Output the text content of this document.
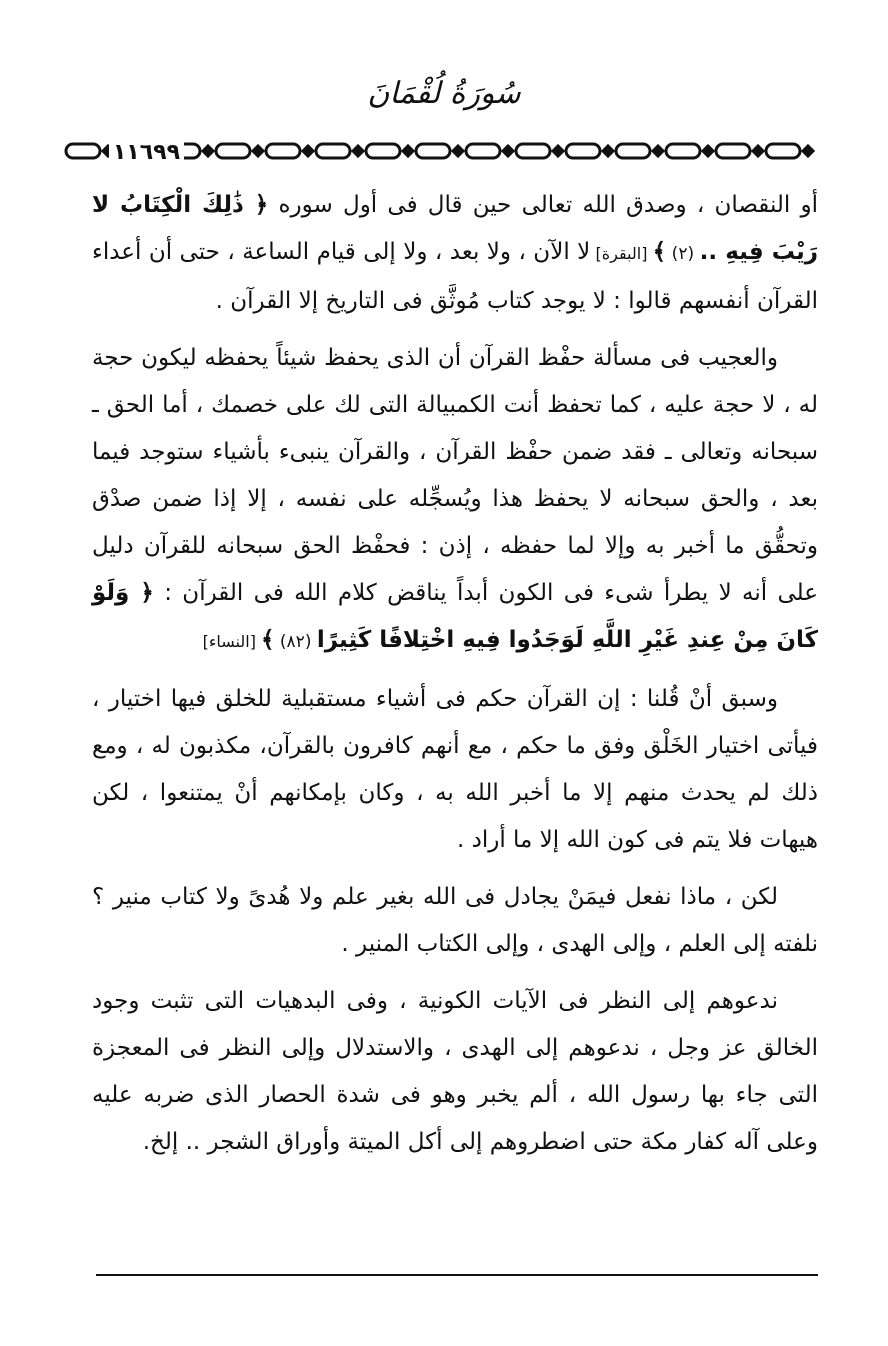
سُورَةُ لُقْمَانَ
١١٦٩٩

أو النقصان ، وصدق الله تعالى حين قال فى أول سوره ﴿ ذَٰلِكَ الْكِتَابُ لا رَيْبَ فِيهِ .. (٢) ﴾ [البقرة] لا الآن ، ولا بعد ، ولا إلى قيام الساعة ، حتى أن أعداء القرآن أنفسهم قالوا : لا يوجد كتاب مُوثَّق فى التاريخ إلا القرآن .

والعجيب فى مسألة حفْظ القرآن أن الذى يحفظ شيئاً يحفظه ليكون حجة له ، لا حجة عليه ، كما تحفظ أنت الكمبيالة التى لك على خصمك ، أما الحق ـ سبحانه وتعالى ـ فقد ضمن حفْظ القرآن ، والقرآن ينبىء بأشياء ستوجد فيما بعد ، والحق سبحانه لا يحفظ هذا ويُسجِّله على نفسه ، إلا إذا ضمن صدْق وتحقُّق ما أخبر به وإلا لما حفظه ، إذن : فحفْظ الحق سبحانه للقرآن دليل على أنه لا يطرأ شىء فى الكون أبداً يناقض كلام الله فى القرآن : ﴿ وَلَوْ كَانَ مِنْ عِندِ غَيْرِ اللَّهِ لَوَجَدُوا فِيهِ اخْتِلافًا كَثِيرًا (٨٢) ﴾ [النساء]

وسبق أنْ قُلنا : إن القرآن حكم فى أشياء مستقبلية للخلق فيها اختيار ، فيأتى اختيار الخَلْق وفق ما حكم ، مع أنهم كافرون بالقرآن، مكذبون له ، ومع ذلك لم يحدث منهم إلا ما أخبر الله به ، وكان بإمكانهم أنْ يمتنعوا ، لكن هيهات فلا يتم فى كون الله إلا ما أراد .

لكن ، ماذا نفعل فيمَنْ يجادل فى الله بغير علم ولا هُدىً ولا كتاب منير ؟ نلفته إلى العلم ، وإلى الهدى ، وإلى الكتاب المنير .

ندعوهم إلى النظر فى الآيات الكونية ، وفى البدهيات التى تثبت وجود الخالق عز وجل ، ندعوهم إلى الهدى ، والاستدلال وإلى النظر فى المعجزة التى جاء بها رسول الله ، ألم يخبر وهو فى شدة الحصار الذى ضربه عليه وعلى آله كفار مكة حتى اضطروهم إلى أكل الميتة وأوراق الشجر .. إلخ.
